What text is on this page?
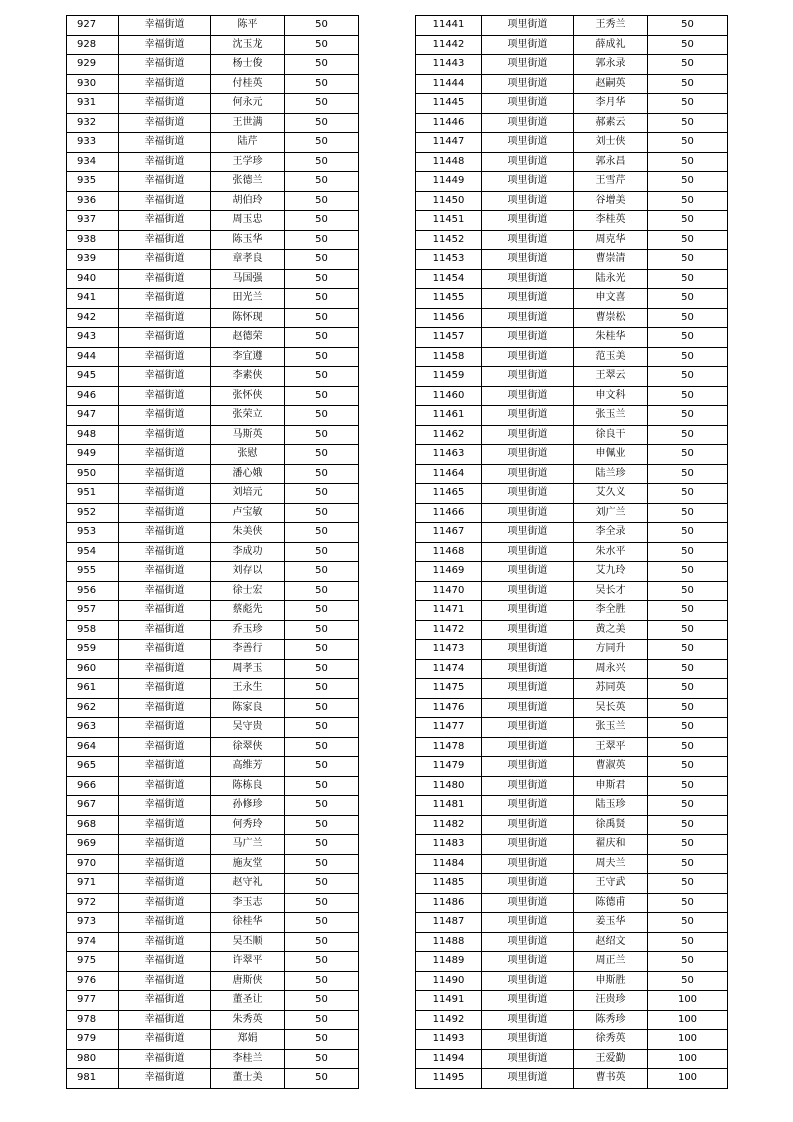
927	幸福街道	陈平	50
928	幸福街道	沈玉龙	50
929	幸福街道	杨士俊	50
930	幸福街道	付桂英	50
931	幸福街道	何永元	50
932	幸福街道	王世满	50
933	幸福街道	陆芹	50
934	幸福街道	王学珍	50
935	幸福街道	张德兰	50
936	幸福街道	胡伯玲	50
937	幸福街道	周玉忠	50
938	幸福街道	陈玉华	50
939	幸福街道	章孝良	50
940	幸福街道	马国强	50
941	幸福街道	田光兰	50
942	幸福街道	陈怀现	50
943	幸福街道	赵德荣	50
944	幸福街道	李宜遵	50
945	幸福街道	李素侠	50
946	幸福街道	张怀侠	50
947	幸福街道	张荣立	50
948	幸福街道	马斯英	50
949	幸福街道	张慰	50
950	幸福街道	潘心娥	50
951	幸福街道	刘培元	50
952	幸福街道	卢宝敏	50
953	幸福街道	朱美侠	50
954	幸福街道	李成功	50
955	幸福街道	刘存以	50
956	幸福街道	徐士宏	50
957	幸福街道	蔡彪先	50
958	幸福街道	乔玉珍	50
959	幸福街道	李善行	50
960	幸福街道	周孝玉	50
961	幸福街道	王永生	50
962	幸福街道	陈家良	50
963	幸福街道	吴守贵	50
964	幸福街道	徐翠侠	50
965	幸福街道	高维芳	50
966	幸福街道	陈栋良	50
967	幸福街道	孙修珍	50
968	幸福街道	何秀玲	50
969	幸福街道	马广兰	50
970	幸福街道	施友堂	50
971	幸福街道	赵守礼	50
972	幸福街道	李玉志	50
973	幸福街道	徐桂华	50
974	幸福街道	吴丕顺	50
975	幸福街道	许翠平	50
976	幸福街道	唐斯侠	50
977	幸福街道	董圣让	50
978	幸福街道	朱秀英	50
979	幸福街道	郑娟	50
980	幸福街道	李桂兰	50
981	幸福街道	董士美	50
11441	项里街道	王秀兰	50
11442	项里街道	薛成礼	50
11443	项里街道	郭永录	50
11444	项里街道	赵嗣英	50
11445	项里街道	李月华	50
11446	项里街道	郝素云	50
11447	项里街道	刘士侠	50
11448	项里街道	郭永昌	50
11449	项里街道	王雪芹	50
11450	项里街道	谷增美	50
11451	项里街道	李桂英	50
11452	项里街道	周克华	50
11453	项里街道	曹崇清	50
11454	项里街道	陆永光	50
11455	项里街道	申文喜	50
11456	项里街道	曹崇松	50
11457	项里街道	朱桂华	50
11458	项里街道	范玉美	50
11459	项里街道	王翠云	50
11460	项里街道	申文科	50
11461	项里街道	张玉兰	50
11462	项里街道	徐良干	50
11463	项里街道	申佩业	50
11464	项里街道	陆兰珍	50
11465	项里街道	艾久义	50
11466	项里街道	刘广兰	50
11467	项里街道	李全录	50
11468	项里街道	朱水平	50
11469	项里街道	艾九玲	50
11470	项里街道	吴长才	50
11471	项里街道	李全胜	50
11472	项里街道	黄之美	50
11473	项里街道	方同升	50
11474	项里街道	周永兴	50
11475	项里街道	苏同英	50
11476	项里街道	吴长英	50
11477	项里街道	张玉兰	50
11478	项里街道	王翠平	50
11479	项里街道	曹淑英	50
11480	项里街道	申斯君	50
11481	项里街道	陆玉珍	50
11482	项里街道	徐禹贤	50
11483	项里街道	翟庆和	50
11484	项里街道	周夫兰	50
11485	项里街道	王守武	50
11486	项里街道	陈德甫	50
11487	项里街道	姜玉华	50
11488	项里街道	赵绍文	50
11489	项里街道	周正兰	50
11490	项里街道	申斯胜	50
11491	项里街道	汪贵珍	100
11492	项里街道	陈秀珍	100
11493	项里街道	徐秀英	100
11494	项里街道	王爱勤	100
11495	项里街道	曹书英	100
